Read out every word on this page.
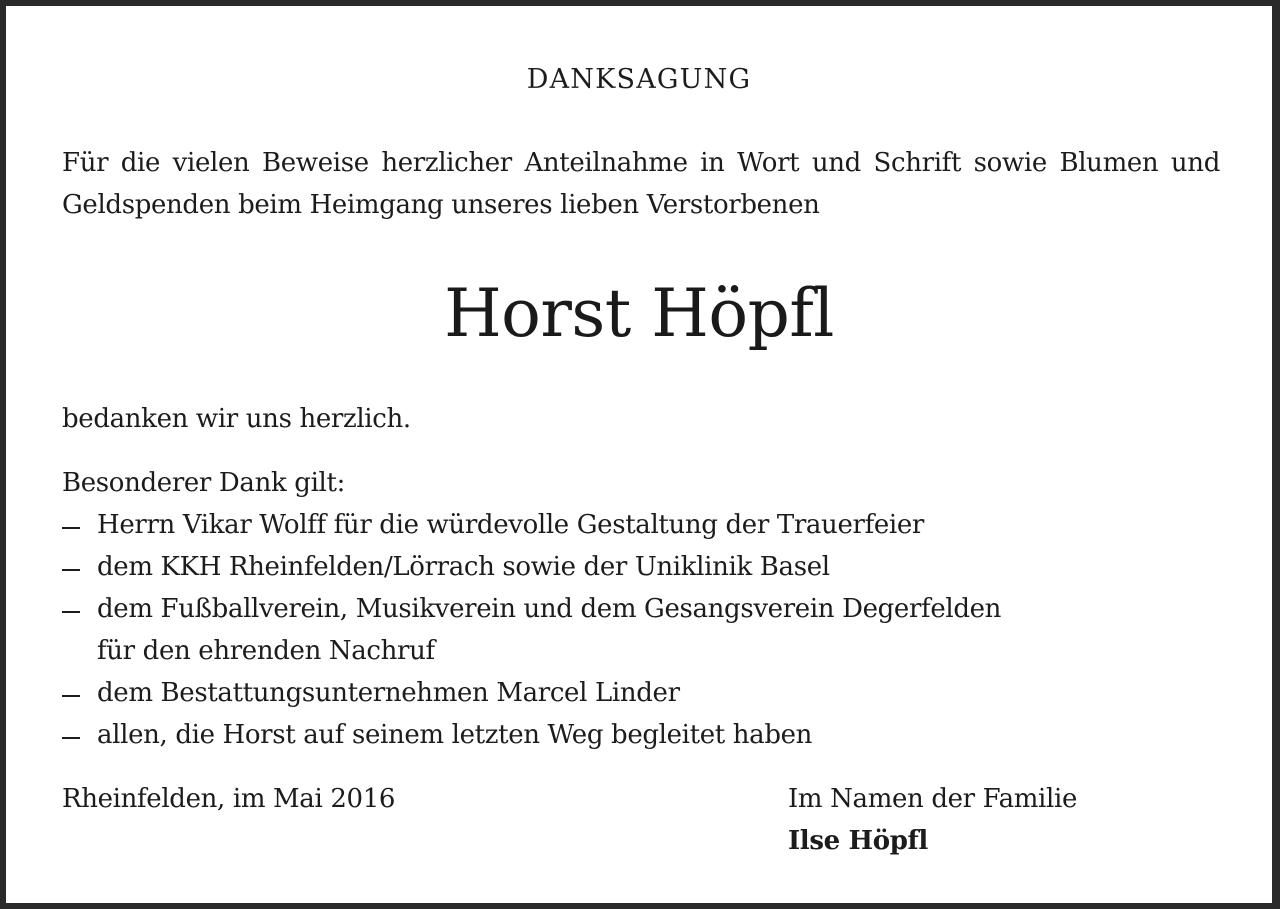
DANKSAGUNG
Für die vielen Beweise herzlicher Anteilnahme in Wort und Schrift sowie Blumen und Geldspenden beim Heimgang unseres lieben Verstorbenen
Horst Höpfl
bedanken wir uns herzlich.
Besonderer Dank gilt:
Herrn Vikar Wolff für die würdevolle Gestaltung der Trauerfeier
dem KKH Rheinfelden/Lörrach sowie der Uniklinik Basel
dem Fußballverein, Musikverein und dem Gesangsverein Degerfelden
für den ehrenden Nachruf
dem Bestattungsunternehmen Marcel Linder
allen, die Horst auf seinem letzten Weg begleitet haben
Rheinfelden, im Mai 2016	Im Namen der Familie
Ilse Höpfl
